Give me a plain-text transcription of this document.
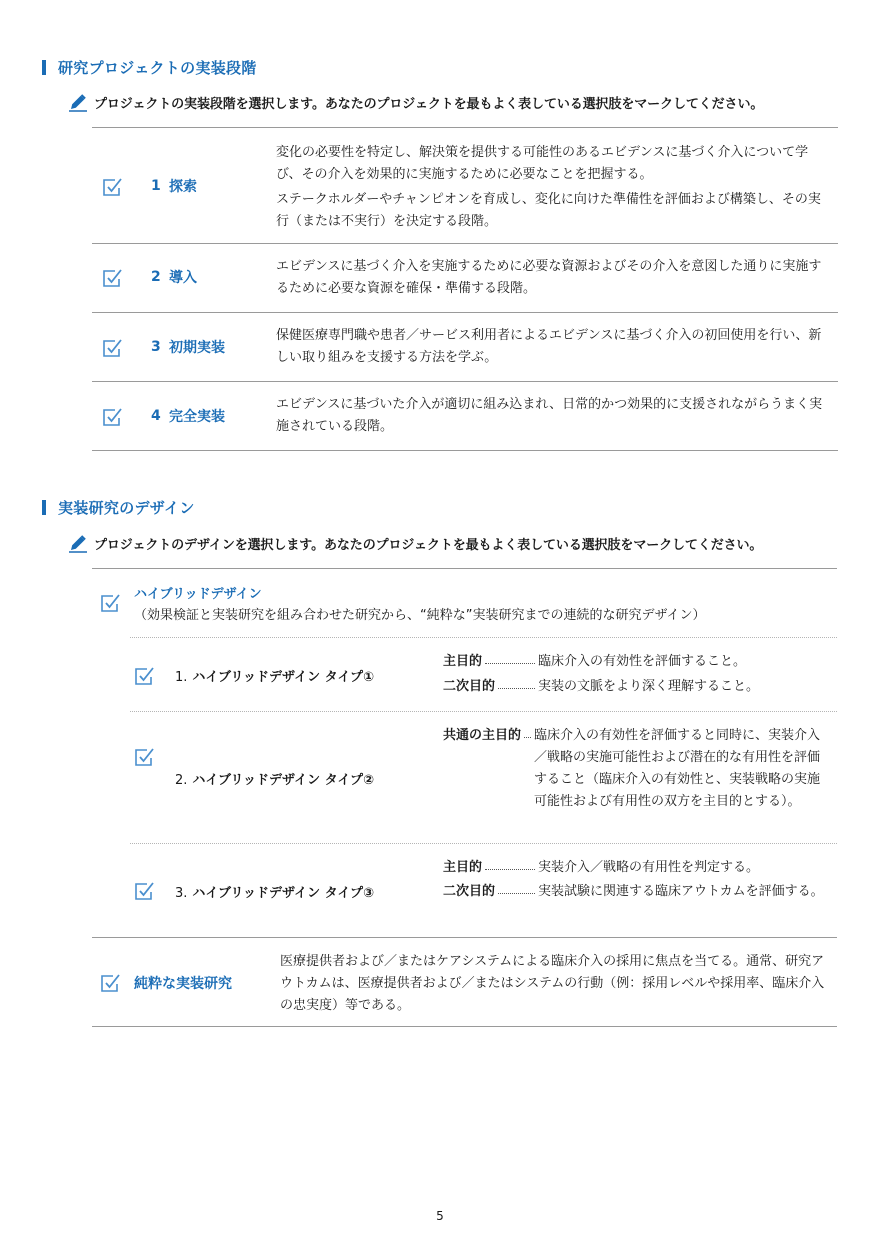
研究プロジェクトの実装段階
プロジェクトの実装段階を選択します。あなたのプロジェクトを最もよく表している選択肢をマークしてください。
1 探索

変化の必要性を特定し、解決策を提供する可能性のあるエビデンスに基づく介入について学び、その介入を効果的に実施するために必要なことを把握する。

ステークホルダーやチャンピオンを育成し、変化に向けた準備性を評価および構築し、その実行（または不実行）を決定する段階。

2 導入

エビデンスに基づく介入を実施するために必要な資源およびその介入を意図した通りに実施するために必要な資源を確保・準備する段階。

3 初期実装

保健医療専門職や患者／サービス利用者によるエビデンスに基づく介入の初回使用を行い、新しい取り組みを支援する方法を学ぶ。

4 完全実装

エビデンスに基づいた介入が適切に組み込まれ、日常的かつ効果的に支援されながらうまく実施されている段階。

実装研究のデザイン
プロジェクトのデザインを選択します。あなたのプロジェクトを最もよく表している選択肢をマークしてください。
ハイブリッドデザイン
（効果検証と実装研究を組み合わせた研究から、“純粋な”実装研究までの連続的な研究デザイン）
1. ハイブリッドデザイン タイプ①
主目的	臨床介入の有効性を評価すること。
二次目的	実装の文脈をより深く理解すること。
2. ハイブリッドデザイン タイプ②
共通の主目的 臨床介入の有効性を評価すると同時に、実装介入／戦略の実施可能性および潜在的な有用性を評価すること（臨床介入の有効性と、実装戦略の実施可能性および有用性の双方を主目的とする）。
3. ハイブリッドデザイン タイプ③
主目的	実装介入／戦略の有用性を判定する。
二次目的	実装試験に関連する臨床アウトカムを評価する。
純粋な実装研究
医療提供者および／またはケアシステムによる臨床介入の採用に焦点を当てる。通常、研究アウトカムは、医療提供者および／またはシステムの行動（例：採用レベルや採用率、臨床介入の忠実度）等である。
5
